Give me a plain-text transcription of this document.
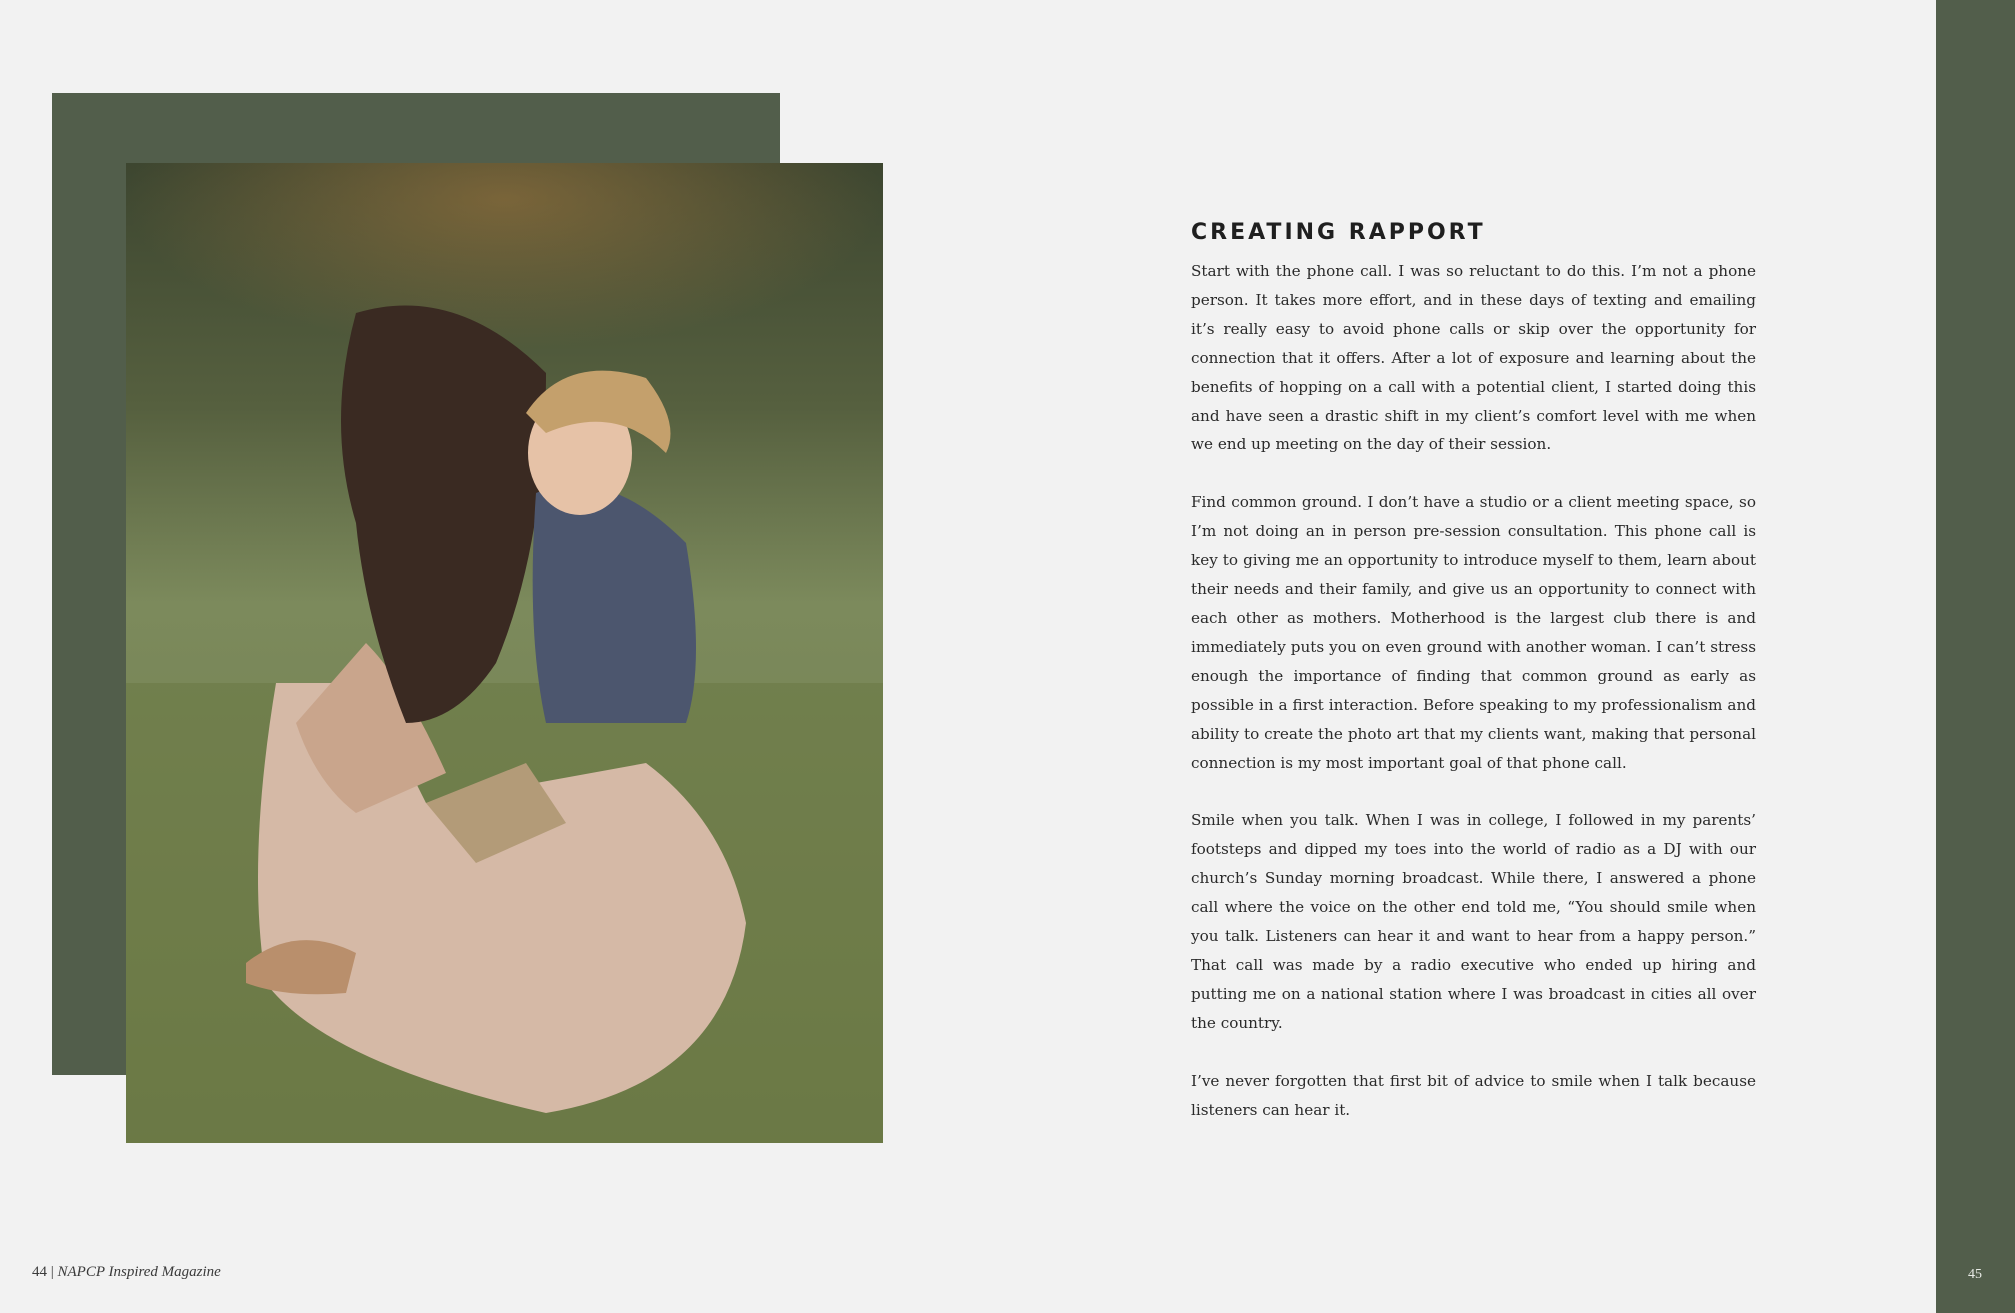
CREATING RAPPORT

Start with the phone call. I was so reluctant to do this. I’m not a phone person. It takes more effort, and in these days of texting and emailing it’s really easy to avoid phone calls or skip over the opportunity for connection that it offers. After a lot of exposure and learning about the benefits of hopping on a call with a potential client, I started doing this and have seen a drastic shift in my client’s comfort level with me when we end up meeting on the day of their session.

Find common ground. I don’t have a studio or a client meeting space, so I’m not doing an in person pre-session consultation. This phone call is key to giving me an opportunity to introduce myself to them, learn about their needs and their family, and give us an opportunity to connect with each other as mothers. Motherhood is the largest club there is and immediately puts you on even ground with another woman. I can’t stress enough the importance of finding that common ground as early as possible in a first interaction. Before speaking to my professionalism and ability to create the photo art that my clients want, making that personal connection is my most important goal of that phone call.

Smile when you talk. When I was in college, I followed in my parents’ footsteps and dipped my toes into the world of radio as a DJ with our church’s Sunday morning broadcast. While there, I answered a phone call where the voice on the other end told me, “You should smile when you talk. Listeners can hear it and want to hear from a happy person.” That call was made by a radio executive who ended up hiring and putting me on a national station where I was broadcast in cities all over the country.

I’ve never forgotten that first bit of advice to smile when I talk because listeners can hear it.

44 | NAPCP Inspired Magazine	45
